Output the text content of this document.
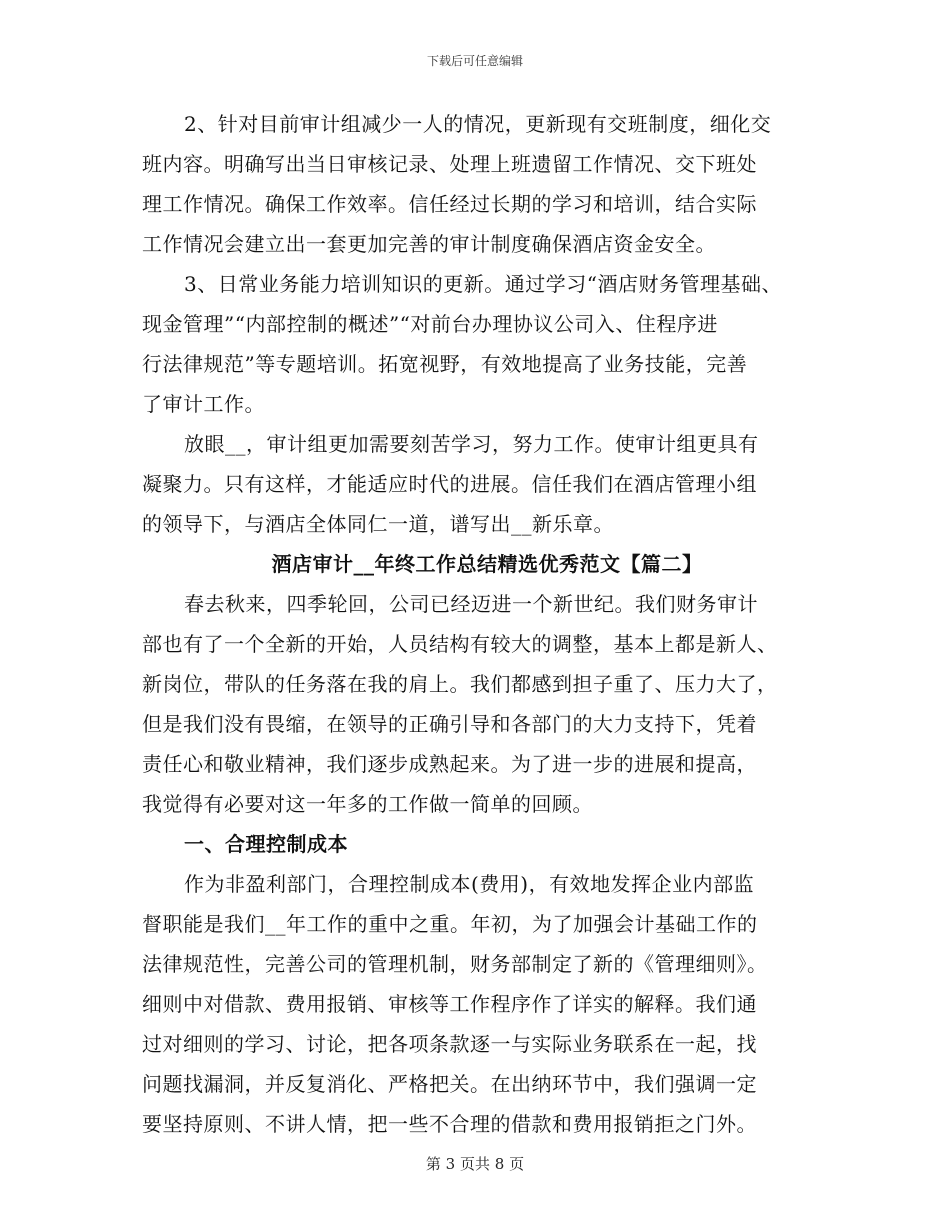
下载后可任意编辑
2、针对目前审计组减少一人的情况，更新现有交班制度，细化交
班内容。明确写出当日审核记录、处理上班遗留工作情况、交下班处
理工作情况。确保工作效率。信任经过长期的学习和培训，结合实际
工作情况会建立出一套更加完善的审计制度确保酒店资金安全。
3、日常业务能力培训知识的更新。通过学习“酒店财务管理基础、
现金管理”“内部控制的概述”“对前台办理协议公司入、住程序进
行法律规范”等专题培训。拓宽视野，有效地提高了业务技能，完善
了审计工作。
放眼__，审计组更加需要刻苦学习，努力工作。使审计组更具有
凝聚力。只有这样，才能适应时代的进展。信任我们在酒店管理小组
的领导下，与酒店全体同仁一道，谱写出__新乐章。
酒店审计__年终工作总结精选优秀范文【篇二】
春去秋来，四季轮回，公司已经迈进一个新世纪。我们财务审计
部也有了一个全新的开始，人员结构有较大的调整，基本上都是新人、
新岗位，带队的任务落在我的肩上。我们都感到担子重了、压力大了，
但是我们没有畏缩，在领导的正确引导和各部门的大力支持下，凭着
责任心和敬业精神，我们逐步成熟起来。为了进一步的进展和提高，
我觉得有必要对这一年多的工作做一简单的回顾。
一、合理控制成本
作为非盈利部门，合理控制成本(费用)，有效地发挥企业内部监
督职能是我们__年工作的重中之重。年初，为了加强会计基础工作的
法律规范性，完善公司的管理机制，财务部制定了新的《管理细则》。
细则中对借款、费用报销、审核等工作程序作了详实的解释。我们通
过对细则的学习、讨论，把各项条款逐一与实际业务联系在一起，找
问题找漏洞，并反复消化、严格把关。在出纳环节中，我们强调一定
要坚持原则、不讲人情，把一些不合理的借款和费用报销拒之门外。
第 3 页共 8 页
